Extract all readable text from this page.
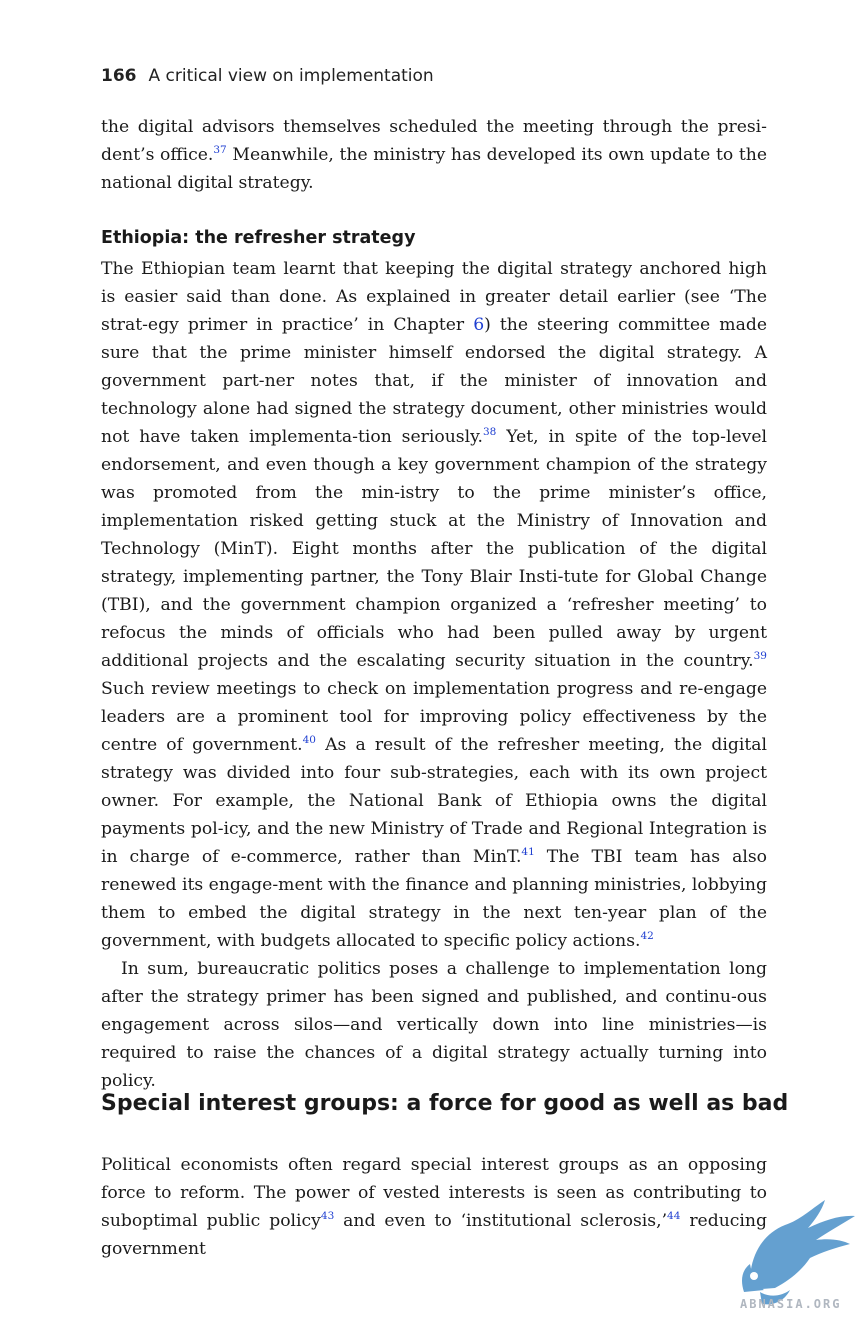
166 A critical view on implementation

the digital advisors themselves scheduled the meeting through the presi-dent’s office.$^{37}$ Meanwhile, the ministry has developed its own update to the national digital strategy.

Ethiopia: the refresher strategy

The Ethiopian team learnt that keeping the digital strategy anchored high is easier said than done. As explained in greater detail earlier (see ‘The strat-egy primer in practice’ in Chapter 6) the steering committee made sure that the prime minister himself endorsed the digital strategy. A government part-ner notes that, if the minister of innovation and technology alone had signed the strategy document, other ministries would not have taken implementa-tion seriously.$^{38}$ Yet, in spite of the top-level endorsement, and even though a key government champion of the strategy was promoted from the min-istry to the prime minister’s office, implementation risked getting stuck at the Ministry of Innovation and Technology (MinT). Eight months after the publication of the digital strategy, implementing partner, the Tony Blair Insti-tute for Global Change (TBI), and the government champion organized a ‘refresher meeting’ to refocus the minds of officials who had been pulled away by urgent additional projects and the escalating security situation in the country.$^{39}$ Such review meetings to check on implementation progress and re-engage leaders are a prominent tool for improving policy effectiveness by the centre of government.$^{40}$ As a result of the refresher meeting, the digital strategy was divided into four sub-strategies, each with its own project owner. For example, the National Bank of Ethiopia owns the digital payments pol-icy, and the new Ministry of Trade and Regional Integration is in charge of e-commerce, rather than MinT.$^{41}$ The TBI team has also renewed its engage-ment with the finance and planning ministries, lobbying them to embed the digital strategy in the next ten-year plan of the government, with budgets allocated to specific policy actions.$^{42}$

In sum, bureaucratic politics poses a challenge to implementation long after the strategy primer has been signed and published, and continu-ous engagement across silos—and vertically down into line ministries—is required to raise the chances of a digital strategy actually turning into policy.

Special interest groups: a force for good as well as bad

Political economists often regard special interest groups as an opposing force to reform. The power of vested interests is seen as contributing to suboptimal public policy$^{43}$ and even to ‘institutional sclerosis,’$^{44}$ reducing government

ABNASIA.ORG
